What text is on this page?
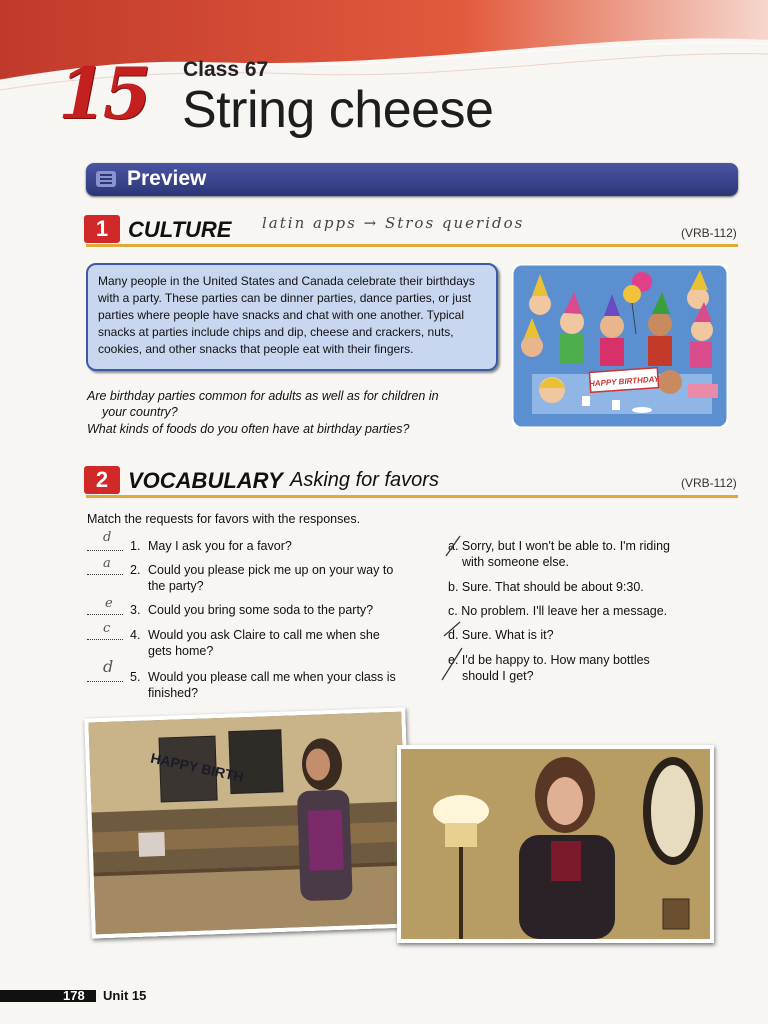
15 Class 67
String cheese
Preview
1 CULTURE latin apps → Stros queridos
(VRB-112)
Many people in the United States and Canada celebrate their birthdays with a party. These parties can be dinner parties, dance parties, or just parties where people have snacks and chat with one another. Typical snacks at parties include chips and dip, cheese and crackers, nuts, cookies, and other snacks that people eat with their fingers.
Are birthday parties common for adults as well as for children in
your country?
What kinds of foods do you often have at birthday parties?
HAPPY BIRTHDAY
2 VOCABULARY Asking for favors	(VRB-112)
Match the requests for favors with the responses.
d
1. May I ask you for a favor?
a 2. Could you please pick me up on your way to
the party?
e 3. Could you bring some soda to the party?
c 4. Would you ask Claire to call me when she
gets home?
d
5. Would you please call me when your class is
finished?
a. Sorry, but I won't be able to. I'm riding
with someone else.
b. Sure. That should be about 9:30.
c. No problem. I'll leave her a message.
d. Sure. What is it?
e. I'd be happy to. How many bottles
should I get?
HAPPY BIRTH
178 Unit 15
